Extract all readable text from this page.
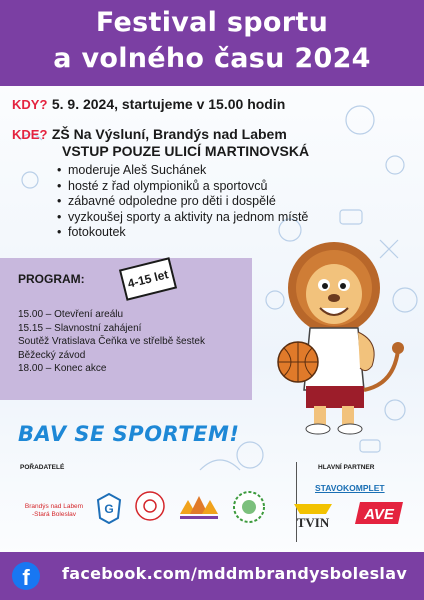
Festival sportu
a volného času 2024
KDY? 5. 9. 2024, startujeme v 15.00 hodin
KDE? ZŠ Na Výsluní, Brandýs nad Labem
VSTUP POUZE ULICÍ MARTINOVSKÁ
• moderuje Aleš Suchánek
• hosté z řad olympioniků a sportovců
• zábavné odpoledne pro děti i dospělé
• vyzkoušej sporty a aktivity na jednom místě
• fotokoutek
PROGRAM:
15.00 – Otevření areálu
15.15 – Slavnostní zahájení
Soutěž Vratislava Čeňka ve střelbě šestek
Běžecký závod
18.00 – Konec akce
4-15 let
BAV SE SPORTEM!
POŘADATELÉ	HLAVNÍ PARTNER
Brandýs nad Labem
-Stará Boleslav	G
STAVOKOMPLET
TVIN AVE
f	facebook.com/mddmbrandysboleslav
